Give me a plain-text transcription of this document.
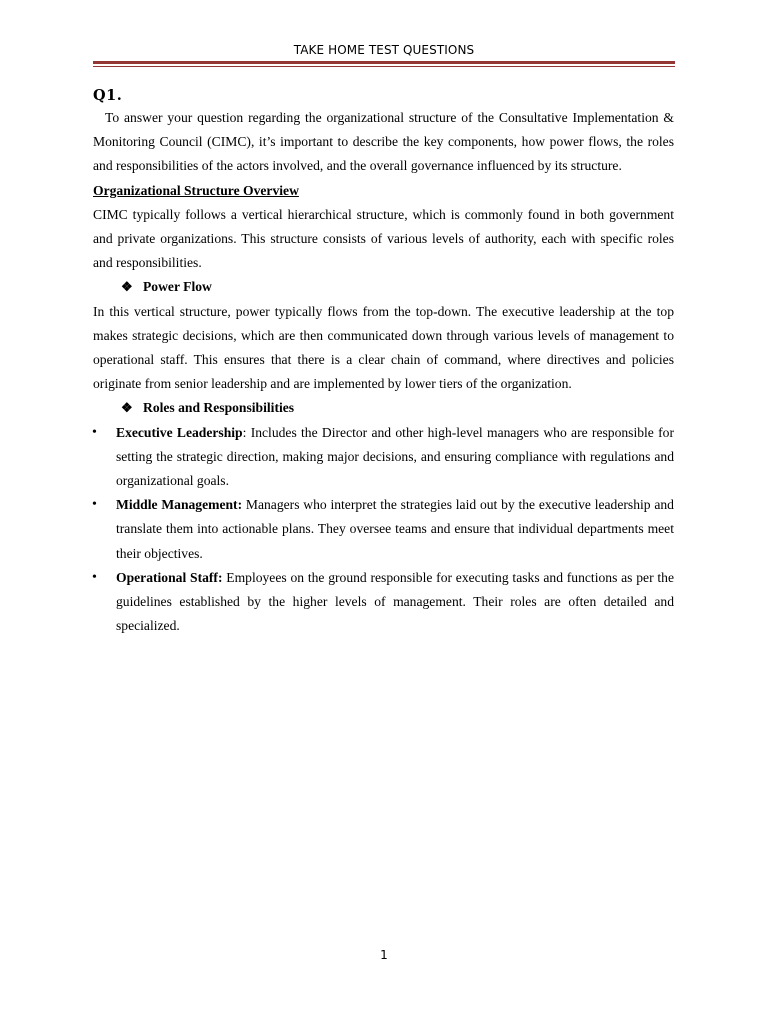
TAKE HOME TEST QUESTIONS
Q1.

To answer your question regarding the organizational structure of the Consultative Implementation & Monitoring Council (CIMC), it’s important to describe the key components, how power flows, the roles and responsibilities of the actors involved, and the overall governance influenced by its structure.

Organizational Structure Overview

CIMC typically follows a vertical hierarchical structure, which is commonly found in both government and private organizations. This structure consists of various levels of authority, each with specific roles and responsibilities.

❖ Power Flow

In this vertical structure, power typically flows from the top-down. The executive leadership at the top makes strategic decisions, which are then communicated down through various levels of management to operational staff. This ensures that there is a clear chain of command, where directives and policies originate from senior leadership and are implemented by lower tiers of the organization.

❖ Roles and Responsibilities

• Executive Leadership: Includes the Director and other high-level managers who are responsible for setting the strategic direction, making major decisions, and ensuring compliance with regulations and organizational goals.
• Middle Management: Managers who interpret the strategies laid out by the executive leadership and translate them into actionable plans. They oversee teams and ensure that individual departments meet their objectives.
• Operational Staff: Employees on the ground responsible for executing tasks and functions as per the guidelines established by the higher levels of management. Their roles are often detailed and specialized.
1
